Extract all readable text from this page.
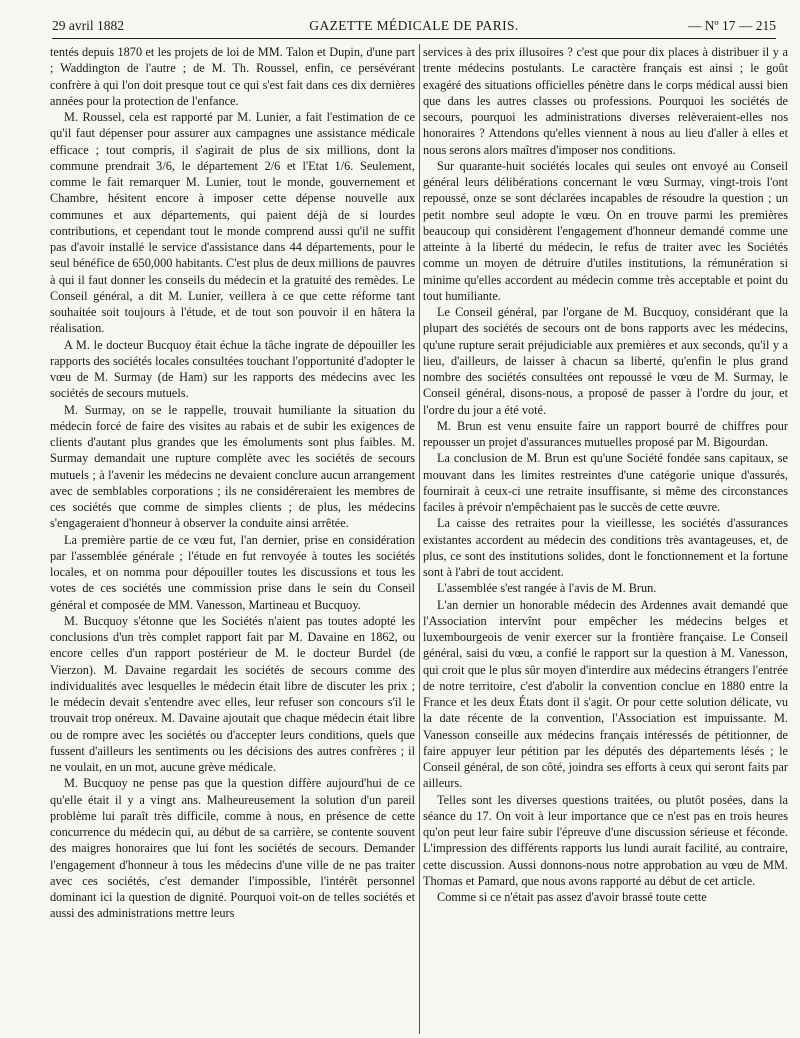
29 avril 1882	GAZETTE MÉDICALE DE PARIS.	— Nº 17 — 215

tentés depuis 1870 et les projets de loi de MM. Talon et Dupin, d'une part ; Waddington de l'autre ; de M. Th. Roussel, enfin, ce persévérant confrère à qui l'on doit presque tout ce qui s'est fait dans ces dix dernières années pour la protection de l'enfance.

M. Roussel, cela est rapporté par M. Lunier, a fait l'estimation de ce qu'il faut dépenser pour assurer aux campagnes une assistance médicale efficace ; tout compris, il s'agirait de plus de six millions, dont la commune prendrait 3/6, le département 2/6 et l'Etat 1/6. Seulement, comme le fait remarquer M. Lunier, tout le monde, gouvernement et Chambre, hésitent encore à imposer cette dépense nouvelle aux communes et aux départements, qui paient déjà de si lourdes contributions, et cependant tout le monde comprend aussi qu'il ne suffit pas d'avoir installé le service d'assistance dans 44 départements, pour le seul bénéfice de 650,000 habitants. C'est plus de deux millions de pauvres à qui il faut donner les conseils du médecin et la gratuité des remèdes. Le Conseil général, a dit M. Lunier, veillera à ce que cette réforme tant souhaitée soit toujours à l'étude, et de tout son pouvoir il en hâtera la réalisation.

A M. le docteur Bucquoy était échue la tâche ingrate de dépouiller les rapports des sociétés locales consultées touchant l'opportunité d'adopter le vœu de M. Surmay (de Ham) sur les rapports des médecins avec les sociétés de secours mutuels.

M. Surmay, on se le rappelle, trouvait humiliante la situation du médecin forcé de faire des visites au rabais et de subir les exigences de clients d'autant plus grandes que les émoluments sont plus faibles. M. Surmay demandait une rupture complète avec les sociétés de secours mutuels ; à l'avenir les médecins ne devaient conclure aucun arrangement avec de semblables corporations ; ils ne considéreraient les membres de ces sociétés que comme de simples clients ; de plus, les médecins s'engageraient d'honneur à observer la conduite ainsi arrêtée.

La première partie de ce vœu fut, l'an dernier, prise en considération par l'assemblée générale ; l'étude en fut renvoyée à toutes les sociétés locales, et on nomma pour dépouiller toutes les discussions et tous les votes de ces sociétés une commission prise dans le sein du Conseil général et composée de MM. Vanesson, Martineau et Bucquoy.

M. Bucquoy s'étonne que les Sociétés n'aient pas toutes adopté les conclusions d'un très complet rapport fait par M. Davaine en 1862, ou encore celles d'un rapport postérieur de M. le docteur Burdel (de Vierzon). M. Davaine regardait les sociétés de secours comme des individualités avec lesquelles le médecin était libre de discuter les prix ; le médecin devait s'entendre avec elles, leur refuser son concours s'il le trouvait trop onéreux. M. Davaine ajoutait que chaque médecin était libre ou de rompre avec les sociétés ou d'accepter leurs conditions, quels que fussent d'ailleurs les sentiments ou les décisions des autres confrères ; il ne voulait, en un mot, aucune grève médicale.

M. Bucquoy ne pense pas que la question diffère aujourd'hui de ce qu'elle était il y a vingt ans. Malheureusement la solution d'un pareil problème lui paraît très difficile, comme à nous, en présence de cette concurrence du médecin qui, au début de sa carrière, se contente souvent des maigres honoraires que lui font les sociétés de secours. Demander l'engagement d'honneur à tous les médecins d'une ville de ne pas traiter avec ces sociétés, c'est demander l'impossible, l'intérêt personnel dominant ici la question de dignité. Pourquoi voit-on de telles sociétés et aussi des administrations mettre leurs

services à des prix illusoires ? c'est que pour dix places à distribuer il y a trente médecins postulants. Le caractère français est ainsi ; le goût exagéré des situations officielles pénètre dans le corps médical aussi bien que dans les autres classes ou professions. Pourquoi les sociétés de secours, pourquoi les administrations diverses relèveraient-elles nos honoraires ? Attendons qu'elles viennent à nous au lieu d'aller à elles et nous serons alors maîtres d'imposer nos conditions.

Sur quarante-huit sociétés locales qui seules ont envoyé au Conseil général leurs délibérations concernant le vœu Surmay, vingt-trois l'ont repoussé, onze se sont déclarées incapables de résoudre la question ; un petit nombre seul adopte le vœu. On en trouve parmi les premières beaucoup qui considèrent l'engagement d'honneur demandé comme une atteinte à la liberté du médecin, le refus de traiter avec les Sociétés comme un moyen de détruire d'utiles institutions, la rémunération si minime qu'elles accordent au médecin comme très acceptable et point du tout humiliante.

Le Conseil général, par l'organe de M. Bucquoy, considérant que la plupart des sociétés de secours ont de bons rapports avec les médecins, qu'une rupture serait préjudiciable aux premières et aux seconds, qu'il y a lieu, d'ailleurs, de laisser à chacun sa liberté, qu'enfin le plus grand nombre des sociétés consultées ont repoussé le vœu de M. Surmay, le Conseil général, disons-nous, a proposé de passer à l'ordre du jour, et l'ordre du jour a été voté.

M. Brun est venu ensuite faire un rapport bourré de chiffres pour repousser un projet d'assurances mutuelles proposé par M. Bigourdan.

La conclusion de M. Brun est qu'une Société fondée sans capitaux, se mouvant dans les limites restreintes d'une catégorie unique d'assurés, fournirait à ceux-ci une retraite insuffisante, si même des circonstances faciles à prévoir n'empêchaient pas le succès de cette œuvre.

La caisse des retraites pour la vieillesse, les sociétés d'assurances existantes accordent au médecin des conditions très avantageuses, et, de plus, ce sont des institutions solides, dont le fonctionnement et la fortune sont à l'abri de tout accident.

L'assemblée s'est rangée à l'avis de M. Brun.

L'an dernier un honorable médecin des Ardennes avait demandé que l'Association intervînt pour empêcher les médecins belges et luxembourgeois de venir exercer sur la frontière française. Le Conseil général, saisi du vœu, a confié le rapport sur la question à M. Vanesson, qui croit que le plus sûr moyen d'interdire aux médecins étrangers l'entrée de notre territoire, c'est d'abolir la convention conclue en 1880 entre la France et les deux États dont il s'agit. Or pour cette solution délicate, vu la date récente de la convention, l'Association est impuissante. M. Vanesson conseille aux médecins français intéressés de pétitionner, de faire appuyer leur pétition par les députés des départements lésés ; le Conseil général, de son côté, joindra ses efforts à ceux qui seront faits par ailleurs.

Telles sont les diverses questions traitées, ou plutôt posées, dans la séance du 17. On voit à leur importance que ce n'est pas en trois heures qu'on peut leur faire subir l'épreuve d'une discussion sérieuse et féconde. L'impression des différents rapports lus lundi aurait facilité, au contraire, cette discussion. Aussi donnons-nous notre approbation au vœu de MM. Thomas et Pamard, que nous avons rapporté au début de cet article.

Comme si ce n'était pas assez d'avoir brassé toute cette
